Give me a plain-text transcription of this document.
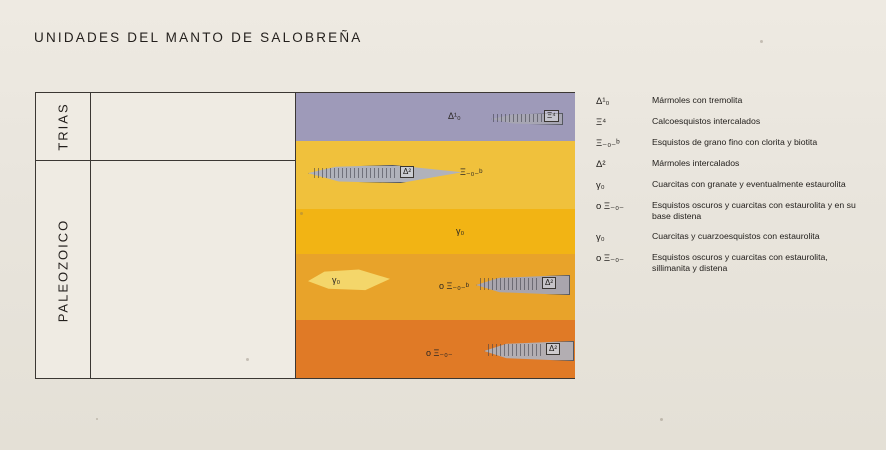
UNIDADES DEL MANTO DE SALOBREÑA
TRIAS
PALEOZOICO
Δ¹₀	Ξ⁴
Ξ₋₀₋ᵇ
Δ²
γ₀
o Ξ₋₀₋ᵇ
γ₀	Δ²
o Ξ₋₀₋	Δ²
Δ¹₀	Mármoles con tremolita
Ξ⁴	Calcoesquistos intercalados
Ξ₋₀₋ᵇ	Esquistos de grano fino con clorita y biotita
Δ²	Mármoles intercalados
γ₀	Cuarcitas con granate y eventualmente estaurolita
o Ξ₋₀₋	Esquistos oscuros y cuarcitas con estaurolita y en su base distena
γ₀	Cuarcitas y cuarzoesquistos con estaurolita
o Ξ₋₀₋	Esquistos oscuros y cuarcitas con estaurolita, sillimanita y distena
